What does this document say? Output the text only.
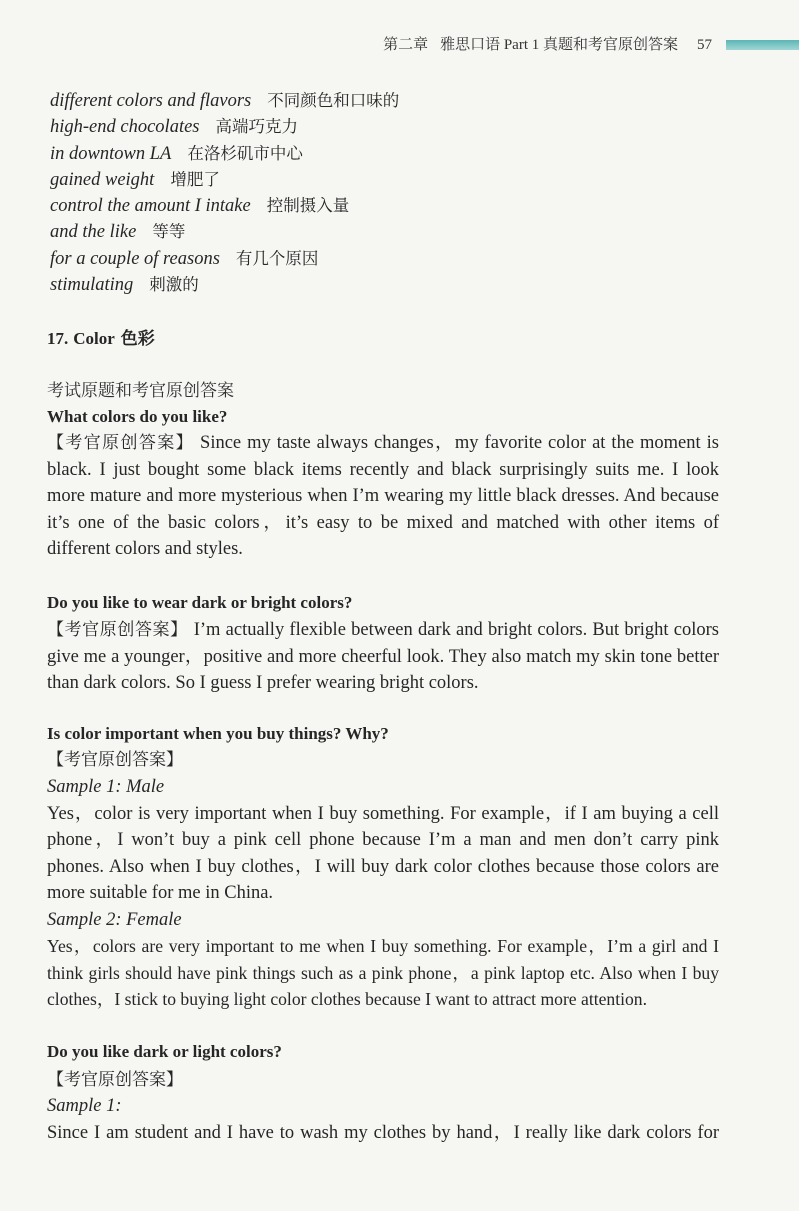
第二章 雅思口语 Part 1 真题和考官原创答案 57
different colors and flavors 不同颜色和口味的
high-end chocolates 高端巧克力
in downtown LA 在洛杉矶市中心
gained weight 增肥了
control the amount I intake 控制摄入量
and the like 等等
for a couple of reasons 有几个原因
stimulating 刺激的
17. Color 色彩
考试原题和考官原创答案
What colors do you like?
【考官原创答案】 Since my taste always changes，my favorite color at the moment is
black. I just bought some black items recently and black surprisingly suits me. I look
more mature and more mysterious when I’m wearing my little black dresses. And because
it’s one of the basic colors，it’s easy to be mixed and matched with other items of
different colors and styles.
Do you like to wear dark or bright colors?
【考官原创答案】 I’m actually flexible between dark and bright colors. But bright colors
give me a younger，positive and more cheerful look. They also match my skin tone better
than dark colors. So I guess I prefer wearing bright colors.
Is color important when you buy things? Why?
【考官原创答案】
Sample 1: Male
Yes，color is very important when I buy something. For example，if I am buying a cell
phone，I won’t buy a pink cell phone because I’m a man and men don’t carry pink
phones. Also when I buy clothes，I will buy dark color clothes because those colors are
more suitable for me in China.
Sample 2: Female
Yes，colors are very important to me when I buy something. For example，I’m a girl and I
think girls should have pink things such as a pink phone，a pink laptop etc. Also when I buy
clothes，I stick to buying light color clothes because I want to attract more attention.
Do you like dark or light colors?
【考官原创答案】
Sample 1:
Since I am student and I have to wash my clothes by hand，I really like dark colors for
